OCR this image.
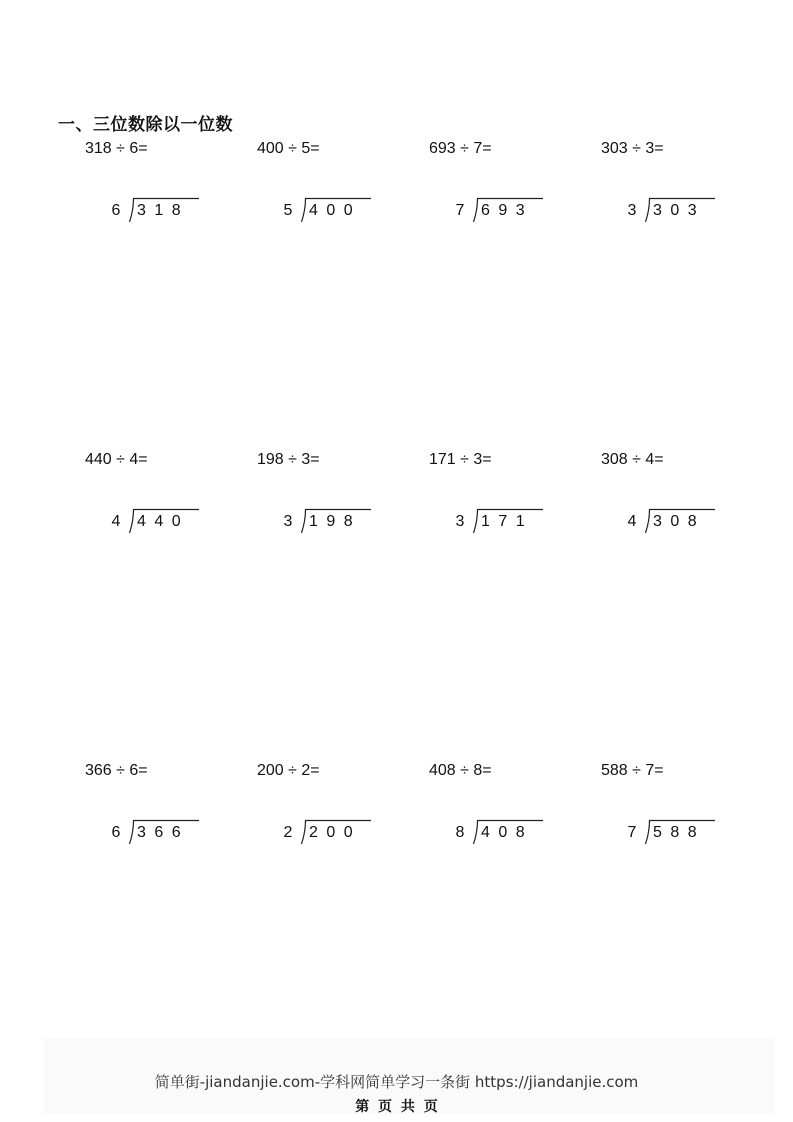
一、三位数除以一位数
318 ÷ 6=
6 318
400 ÷ 5=
5 400
693 ÷ 7=
7 693
303 ÷ 3=
3 303
440 ÷ 4=
4 440
198 ÷ 3=
3 198
171 ÷ 3=
3 171
308 ÷ 4=
4 308
366 ÷ 6=
6 366
200 ÷ 2=
2 200
408 ÷ 8=
8 408
588 ÷ 7=
7 588
简单街-jiandanjie.com-学科网简单学习一条街 https://jiandanjie.com
第 页 共 页
